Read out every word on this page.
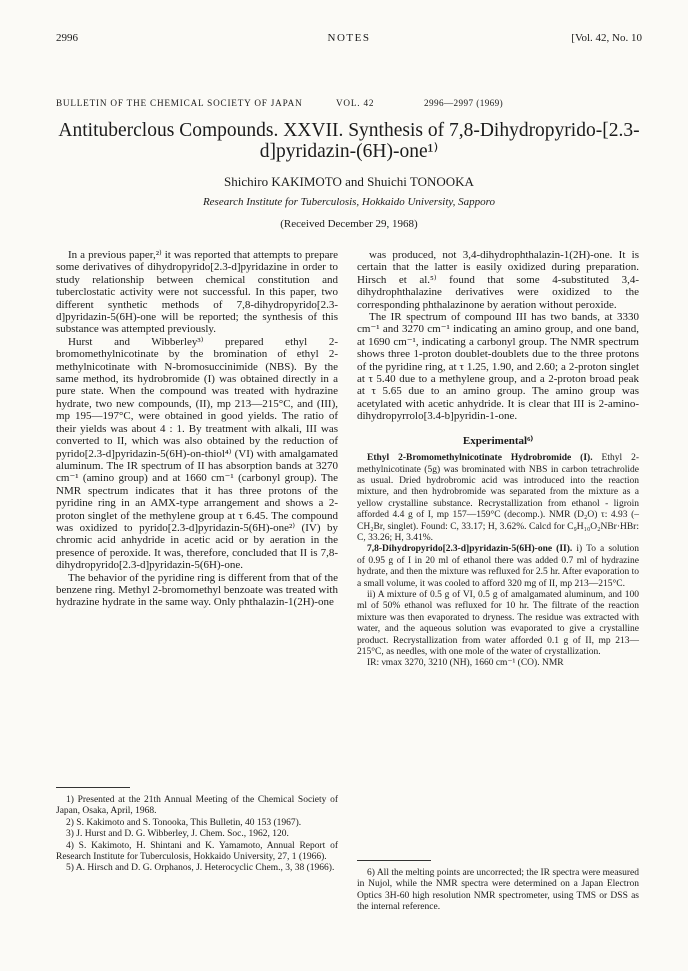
2996	NOTES	[Vol. 42, No. 10
BULLETIN OF THE CHEMICAL SOCIETY OF JAPAN	VOL. 42	2996—2997 (1969)
Antituberclous Compounds. XXVII. Synthesis of 7,8-Dihydropyrido-[2.3-d]pyridazin-(6H)-one¹⁾
Shichiro KAKIMOTO and Shuichi TONOOKA
Research Institute for Tuberculosis, Hokkaido University, Sapporo
(Received December 29, 1968)

In a previous paper,²⁾ it was reported that attempts to prepare some derivatives of dihydropyrido[2.3-d]pyridazine in order to study relationship between chemical constitution and tuberclostatic activity were not successful. In this paper, two different synthetic methods of 7,8-dihydropyrido[2.3-d]pyridazin-5(6H)-one will be reported; the synthesis of this substance was attempted previously.

Hurst and Wibberley³⁾ prepared ethyl 2-bromomethylnicotinate by the bromination of ethyl 2-methylnicotinate with N-bromosuccinimide (NBS). By the same method, its hydrobromide (I) was obtained directly in a pure state. When the compound was treated with hydrazine hydrate, two new compounds, (II), mp 213—215°C, and (III), mp 195—197°C, were obtained in good yields. The ratio of their yields was about 4 : 1. By treatment with alkali, III was converted to II, which was also obtained by the reduction of pyrido[2.3-d]pyridazin-5(6H)-on-thiol⁴⁾ (VI) with amalgamated aluminum. The IR spectrum of II has absorption bands at 3270 cm⁻¹ (amino group) and at 1660 cm⁻¹ (carbonyl group). The NMR spectrum indicates that it has three protons of the pyridine ring in an AMX-type arrangement and shows a 2-proton singlet of the methylene group at τ 6.45. The compound was oxidized to pyrido[2.3-d]pyridazin-5(6H)-one²⁾ (IV) by chromic acid anhydride in acetic acid or by aeration in the presence of peroxide. It was, therefore, concluded that II is 7,8-dihydropyrido[2.3-d]pyridazin-5(6H)-one.

The behavior of the pyridine ring is different from that of the benzene ring. Methyl 2-bromomethyl benzoate was treated with hydrazine hydrate in the same way. Only phthalazin-1(2H)-one

was produced, not 3,4-dihydrophthalazin-1(2H)-one. It is certain that the latter is easily oxidized during preparation. Hirsch et al.⁵⁾ found that some 4-substituted 3,4-dihydrophthalazine derivatives were oxidized to the corresponding phthalazinone by aeration without peroxide.

The IR spectrum of compound III has two bands, at 3330 cm⁻¹ and 3270 cm⁻¹ indicating an amino group, and one band, at 1690 cm⁻¹, indicating a carbonyl group. The NMR spectrum shows three 1-proton doublet-doublets due to the three protons of the pyridine ring, at τ 1.25, 1.90, and 2.60; a 2-proton singlet at τ 5.40 due to a methylene group, and a 2-proton broad peak at τ 5.65 due to an amino group. The amino group was acetylated with acetic anhydride. It is clear that III is 2-amino-dihydropyrrolo[3.4-b]pyridin-1-one.

Experimental⁶⁾

Ethyl 2-Bromomethylnicotinate Hydrobromide (I). Ethyl 2-methylnicotinate (5g) was brominated with NBS in carbon tetrachrolide as usual. Dried hydrobromic acid was introduced into the reaction mixture, and then hydrobromide was separated from the mixture as a yellow crystalline substance. Recrystallization from ethanol - ligroin afforded 4.4 g of I, mp 157—159°C (decomp.). NMR (D₂O) τ: 4.93 (–CH₂Br, singlet). Found: C, 33.17; H, 3.62%. Calcd for C₉H₁₀O₂NBr·HBr: C, 33.26; H, 3.41%.

7,8-Dihydropyrido[2.3-d]pyridazin-5(6H)-one (II). i) To a solution of 0.95 g of I in 20 ml of ethanol there was added 0.7 ml of hydrazine hydrate, and then the mixture was refluxed for 2.5 hr. After evaporation to a small volume, it was cooled to afford 320 mg of II, mp 213—215°C.

ii) A mixture of 0.5 g of VI, 0.5 g of amalgamated aluminum, and 100 ml of 50% ethanol was refluxed for 10 hr. The filtrate of the reaction mixture was then evaporated to dryness. The residue was extracted with water, and the aqueous solution was evaporated to give a crystalline product. Recrystallization from water afforded 0.1 g of II, mp 213—215°C, as needles, with one mole of the water of crystallization.

IR: νmax 3270, 3210 (NH), 1660 cm⁻¹ (CO). NMR

1) Presented at the 21th Annual Meeting of the Chemical Society of Japan, Osaka, April, 1968.

2) S. Kakimoto and S. Tonooka, This Bulletin, 40 153 (1967).

3) J. Hurst and D. G. Wibberley, J. Chem. Soc., 1962, 120.

4) S. Kakimoto, H. Shintani and K. Yamamoto, Annual Report of Research Institute for Tuberculosis, Hokkaido University, 27, 1 (1966).

5) A. Hirsch and D. G. Orphanos, J. Heterocyclic Chem., 3, 38 (1966).	6) All the melting points are uncorrected; the IR spectra were measured in Nujol, while the NMR spectra were determined on a Japan Electron Optics 3H-60 high resolution NMR spectrometer, using TMS or DSS as the internal reference.
